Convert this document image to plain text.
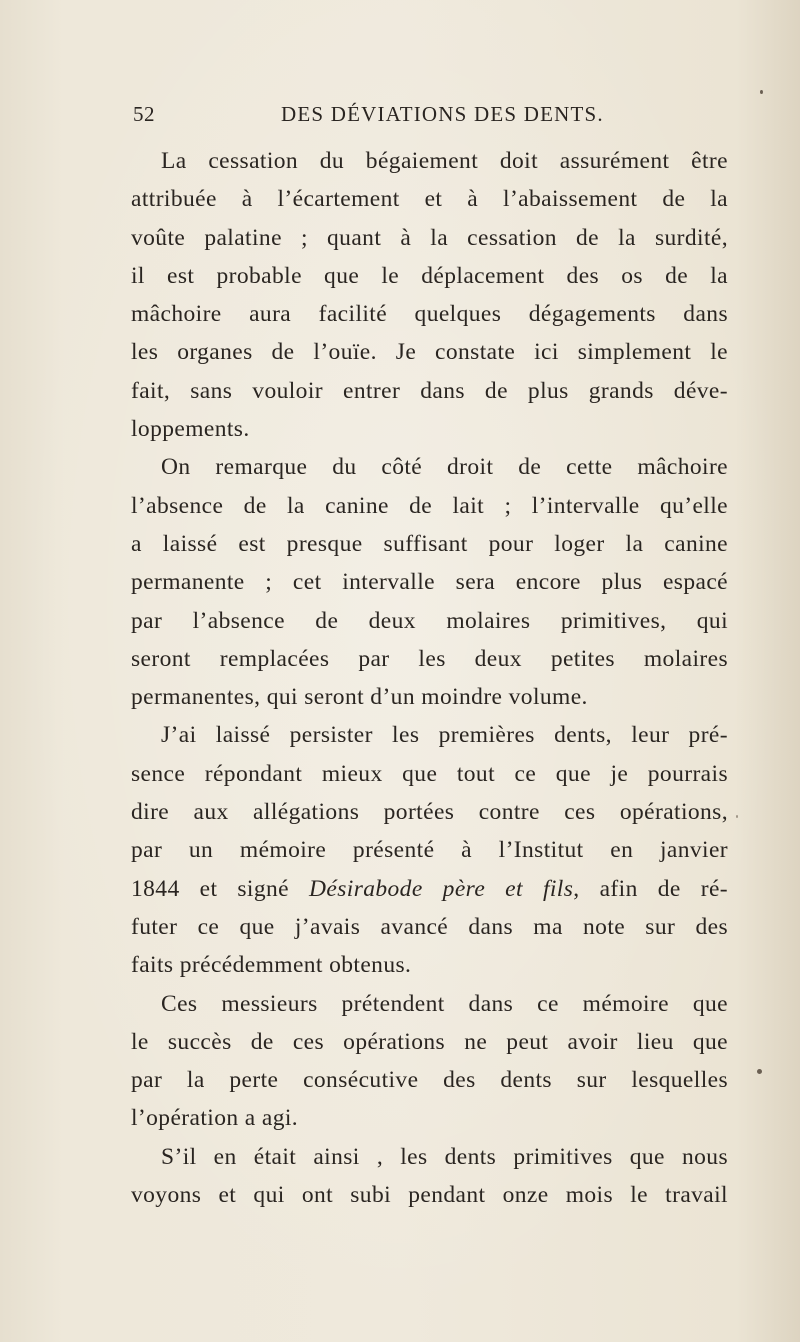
52	DES DÉVIATIONS DES DENTS.
La cessation du bégaiement doit assurément être
attribuée à l’écartement et à l’abaissement de la
voûte palatine ; quant à la cessation de la surdité,
il est probable que le déplacement des os de la
mâchoire aura facilité quelques dégagements dans
les organes de l’ouïe. Je constate ici simplement le
fait, sans vouloir entrer dans de plus grands déve-
loppements.
On remarque du côté droit de cette mâchoire
l’absence de la canine de lait ; l’intervalle qu’elle
a laissé est presque suffisant pour loger la canine
permanente ; cet intervalle sera encore plus espacé
par l’absence de deux molaires primitives, qui
seront remplacées par les deux petites molaires
permanentes, qui seront d’un moindre volume.
J’ai laissé persister les premières dents, leur pré-
sence répondant mieux que tout ce que je pourrais
dire aux allégations portées contre ces opérations,
par un mémoire présenté à l’Institut en janvier
1844 et signé Désirabode père et fils, afin de ré-
futer ce que j’avais avancé dans ma note sur des
faits précédemment obtenus.
Ces messieurs prétendent dans ce mémoire que
le succès de ces opérations ne peut avoir lieu que
par la perte consécutive des dents sur lesquelles
l’opération a agi.
S’il en était ainsi , les dents primitives que nous
voyons et qui ont subi pendant onze mois le travail
